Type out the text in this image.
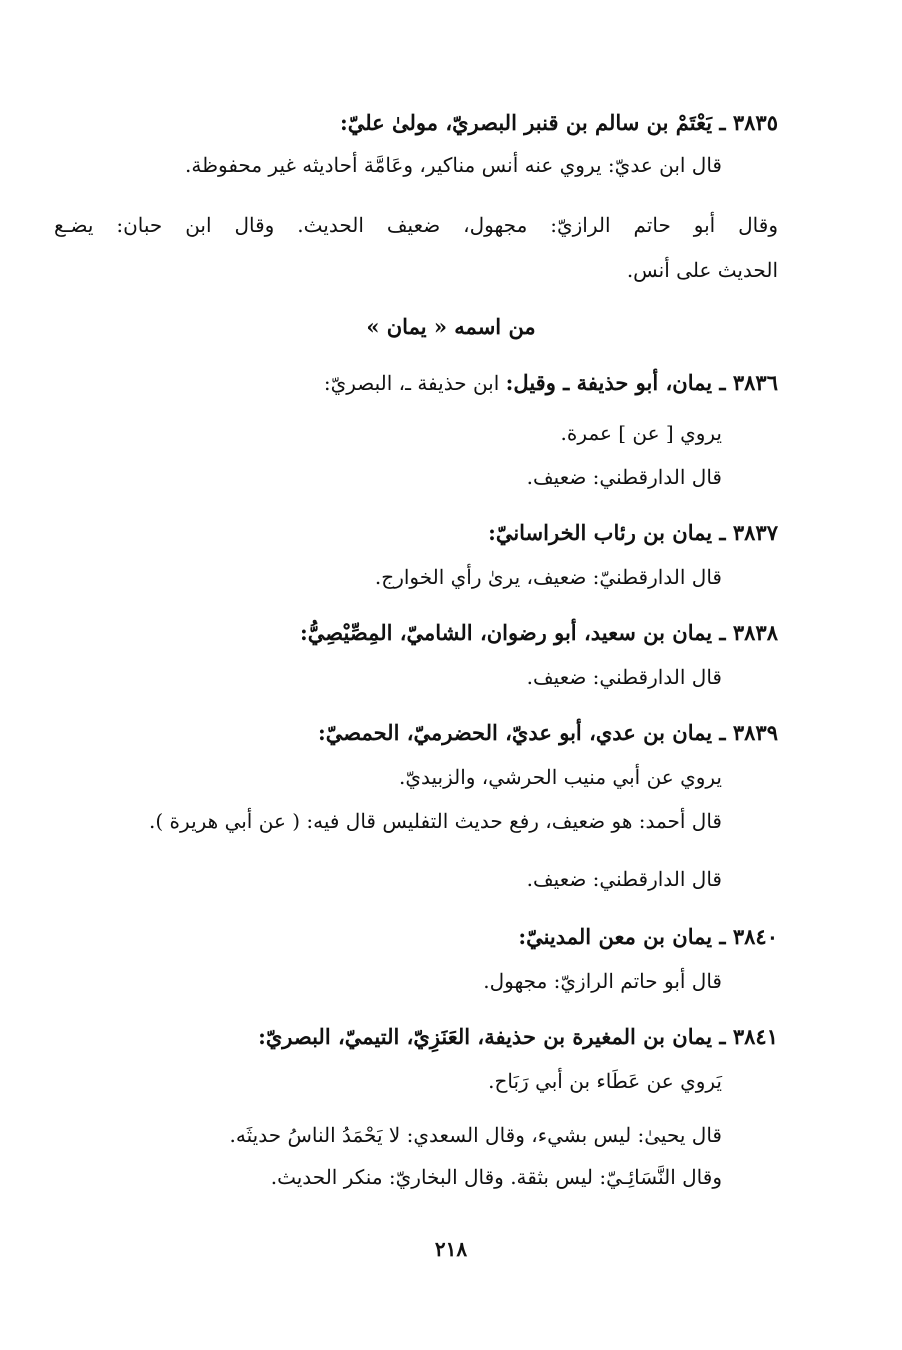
٣٨٣٥ ـ يَعْتَمْ بن سالم بن قنبر البصريّ، مولىٰ عليّ:
قال ابن عديّ: يروي عنه أنس مناكير، وعَامَّة أحاديثه غير محفوظة.
وقال أبو حاتم الرازيّ: مجهول، ضعيف الحديث. وقال ابن حبان: يضـع
الحديث على أنس.
من اسمه « يمان »
٣٨٣٦ ـ يمان، أبو حذيفة ـ وقيل: ابن حذيفة ـ، البصريّ:
يروي [ عن ] عمرة.
قال الدارقطني: ضعيف.
٣٨٣٧ ـ يمان بن رئاب الخراسانيّ:
قال الدارقطنيّ: ضعيف، يرىٰ رأي الخوارج.
٣٨٣٨ ـ يمان بن سعيد، أبو رضوان، الشاميّ، المِصِّيْصِيُّ:
قال الدارقطني: ضعيف.
٣٨٣٩ ـ يمان بن عدي، أبو عديّ، الحضرميّ، الحمصيّ:
يروي عن أبي منيب الحرشي، والزبيديّ.
قال أحمد: هو ضعيف، رفع حديث التفليس قال فيه: ( عن أبي هريرة ).
قال الدارقطني: ضعيف.
٣٨٤٠ ـ يمان بن معن المدينيّ:
قال أبو حاتم الرازيّ: مجهول.
٣٨٤١ ـ يمان بن المغيرة بن حذيفة، العَنَزِيّ، التيميّ، البصريّ:
يَروي عن عَطَاء بن أبي رَبَاح.
قال يحيىٰ: ليس بشيء، وقال السعدي: لا يَحْمَدُ الناسُ حديثَه.
وقال النَّسَائِـيّ: ليس بثقة. وقال البخاريّ: منكر الحديث.
٢١٨
